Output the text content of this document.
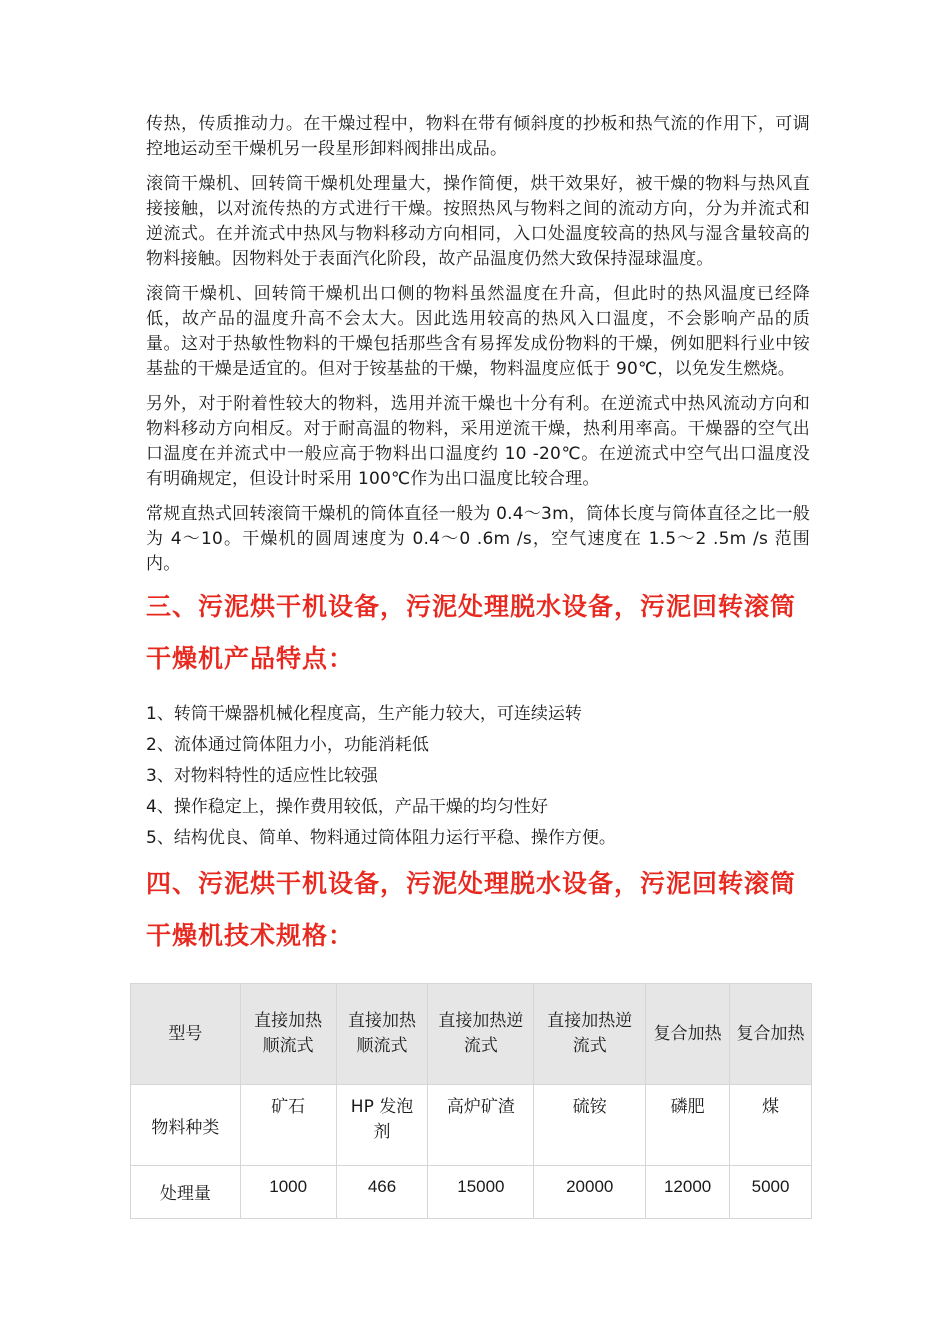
传热，传质推动力。在干燥过程中，物料在带有倾斜度的抄板和热气流的作用下，可调控地运动至干燥机另一段星形卸料阀排出成品。

滚筒干燥机、回转筒干燥机处理量大，操作简便，烘干效果好，被干燥的物料与热风直接接触，以对流传热的方式进行干燥。按照热风与物料之间的流动方向，分为并流式和逆流式。在并流式中热风与物料移动方向相同，入口处温度较高的热风与湿含量较高的物料接触。因物料处于表面汽化阶段，故产品温度仍然大致保持湿球温度。

滚筒干燥机、回转筒干燥机出口侧的物料虽然温度在升高，但此时的热风温度已经降低，故产品的温度升高不会太大。因此选用较高的热风入口温度，不会影响产品的质量。这对于热敏性物料的干燥包括那些含有易挥发成份物料的干燥，例如肥料行业中铵基盐的干燥是适宜的。但对于铵基盐的干燥，物料温度应低于 90℃，以免发生燃烧。

另外，对于附着性较大的物料，选用并流干燥也十分有利。在逆流式中热风流动方向和物料移动方向相反。对于耐高温的物料，采用逆流干燥，热利用率高。干燥器的空气出口温度在并流式中一般应高于物料出口温度约 10 -20℃。在逆流式中空气出口温度没有明确规定，但设计时采用 100℃作为出口温度比较合理。

常规直热式回转滚筒干燥机的筒体直径一般为 0.4～3m，筒体长度与筒体直径之比一般为 4～10。干燥机的圆周速度为 0.4～0 .6m /s，空气速度在 1.5～2 .5m /s 范围内。

三、污泥烘干机设备，污泥处理脱水设备，污泥回转滚筒干燥机产品特点：
1、转筒干燥器机械化程度高，生产能力较大，可连续运转
2、流体通过筒体阻力小，功能消耗低
3、对物料特性的适应性比较强
4、操作稳定上，操作费用较低，产品干燥的均匀性好
5、结构优良、简单、物料通过筒体阻力运行平稳、操作方便。
四、污泥烘干机设备，污泥处理脱水设备，污泥回转滚筒干燥机技术规格：
型号	直接加热顺流式	直接加热顺流式	直接加热逆流式	直接加热逆流式	复合加热	复合加热
物料种类	矿石	HP 发泡剂	高炉矿渣	硫铵	磷肥	煤
处理量	1000	466	15000	20000	12000	5000
